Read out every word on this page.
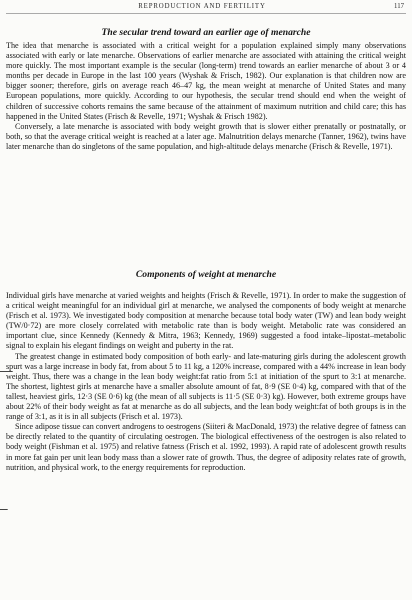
REPRODUCTION AND FERTILITY	117
The secular trend toward an earlier age of menarche

The idea that menarche is associated with a critical weight for a population explained simply many observations associated with early or late menarche. Observations of earlier menarche are associated with attaining the critical weight more quickly. The most important example is the secular (long-term) trend towards an earlier menarche of about 3 or 4 months per decade in Europe in the last 100 years (Wyshak & Frisch, 1982). Our explanation is that children now are bigger sooner; therefore, girls on average reach 46–47 kg, the mean weight at menarche of United States and many European populations, more quickly. According to our hypothesis, the secular trend should end when the weight of children of successive cohorts remains the same because of the attainment of maximum nutrition and child care; this has happened in the United States (Frisch & Revelle, 1971; Wyshak & Frisch 1982).

Conversely, a late menarche is associated with body weight growth that is slower either prenatally or postnatally, or both, so that the average critical weight is reached at a later age. Malnutrition delays menarche (Tanner, 1962), twins have later menarche than do singletons of the same population, and high-altitude delays menarche (Frisch & Revelle, 1971).

Components of weight at menarche

Individual girls have menarche at varied weights and heights (Frisch & Revelle, 1971). In order to make the suggestion of a critical weight meaningful for an individual girl at menarche, we analysed the components of body weight at menarche (Frisch et al. 1973). We investigated body composition at menarche because total body water (TW) and lean body weight (TW/0·72) are more closely correlated with metabolic rate than is body weight. Metabolic rate was considered an important clue, since Kennedy (Kennedy & Mitra, 1963; Kennedy, 1969) suggested a food intake–lipostat–metabolic signal to explain his elegant findings on weight and puberty in the rat.

The greatest change in estimated body composition of both early- and late-maturing girls during the adolescent growth spurt was a large increase in body fat, from about 5 to 11 kg, a 120% increase, compared with a 44% increase in lean body weight. Thus, there was a change in the lean body weight:fat ratio from 5:1 at initiation of the spurt to 3:1 at menarche. The shortest, lightest girls at menarche have a smaller absolute amount of fat, 8·9 (SE 0·4) kg, compared with that of the tallest, heaviest girls, 12·3 (SE 0·6) kg (the mean of all subjects is 11·5 (SE 0·3) kg). However, both extreme groups have about 22% of their body weight as fat at menarche as do all subjects, and the lean body weight:fat of both groups is in the range of 3:1, as it is in all subjects (Frisch et al. 1973).

Since adipose tissue can convert androgens to oestrogens (Siiteri & MacDonald, 1973) the relative degree of fatness can be directly related to the quantity of circulating oestrogen. The biological effectiveness of the oestrogen is also related to body weight (Fishman et al. 1975) and relative fatness (Frisch et al. 1992, 1993). A rapid rate of adolescent growth results in more fat gain per unit lean body mass than a slower rate of growth. Thus, the degree of adiposity relates rate of growth, nutrition, and physical work, to the energy requirements for reproduction.
